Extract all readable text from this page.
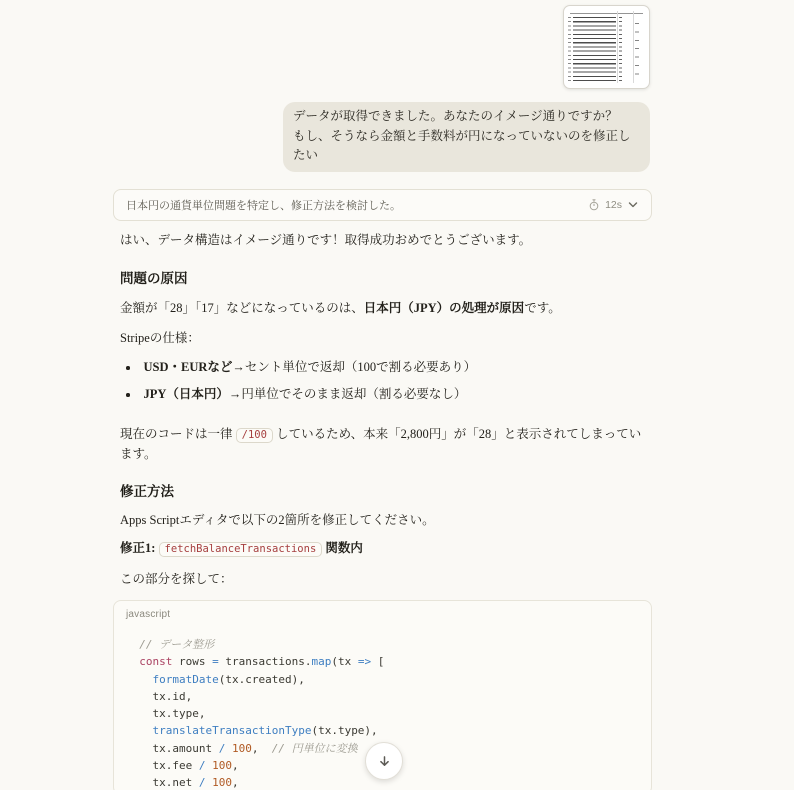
データが取得できました。あなたのイメージ通りですか？
もし、そうなら金額と手数料が円になっていないのを修正したい
日本円の通貨単位問題を特定し、修正方法を検討した。	12s
はい、データ構造はイメージ通りです！取得成功おめでとうございます。
問題の原因
金額が「28」「17」などになっているのは、日本円（JPY）の処理が原因です。
Stripeの仕様：
USD・EURなど→セント単位で返却（100で割る必要あり）
JPY（日本円）→円単位でそのまま返却（割る必要なし）
現在のコードは一律 /100 しているため、本来「2,800円」が「28」と表示されてしまっています。
修正方法
Apps Scriptエディタで以下の2箇所を修正してください。
修正1: fetchBalanceTransactions 関数内
この部分を探して：
javascript
// データ整形
const rows = transactions.map(tx => [
formatDate(tx.created),
tx.id,
tx.type,
translateTransactionType(tx.type),
tx.amount / 100,  // 円単位に変換
tx.fee / 100,
tx.net / 100,
